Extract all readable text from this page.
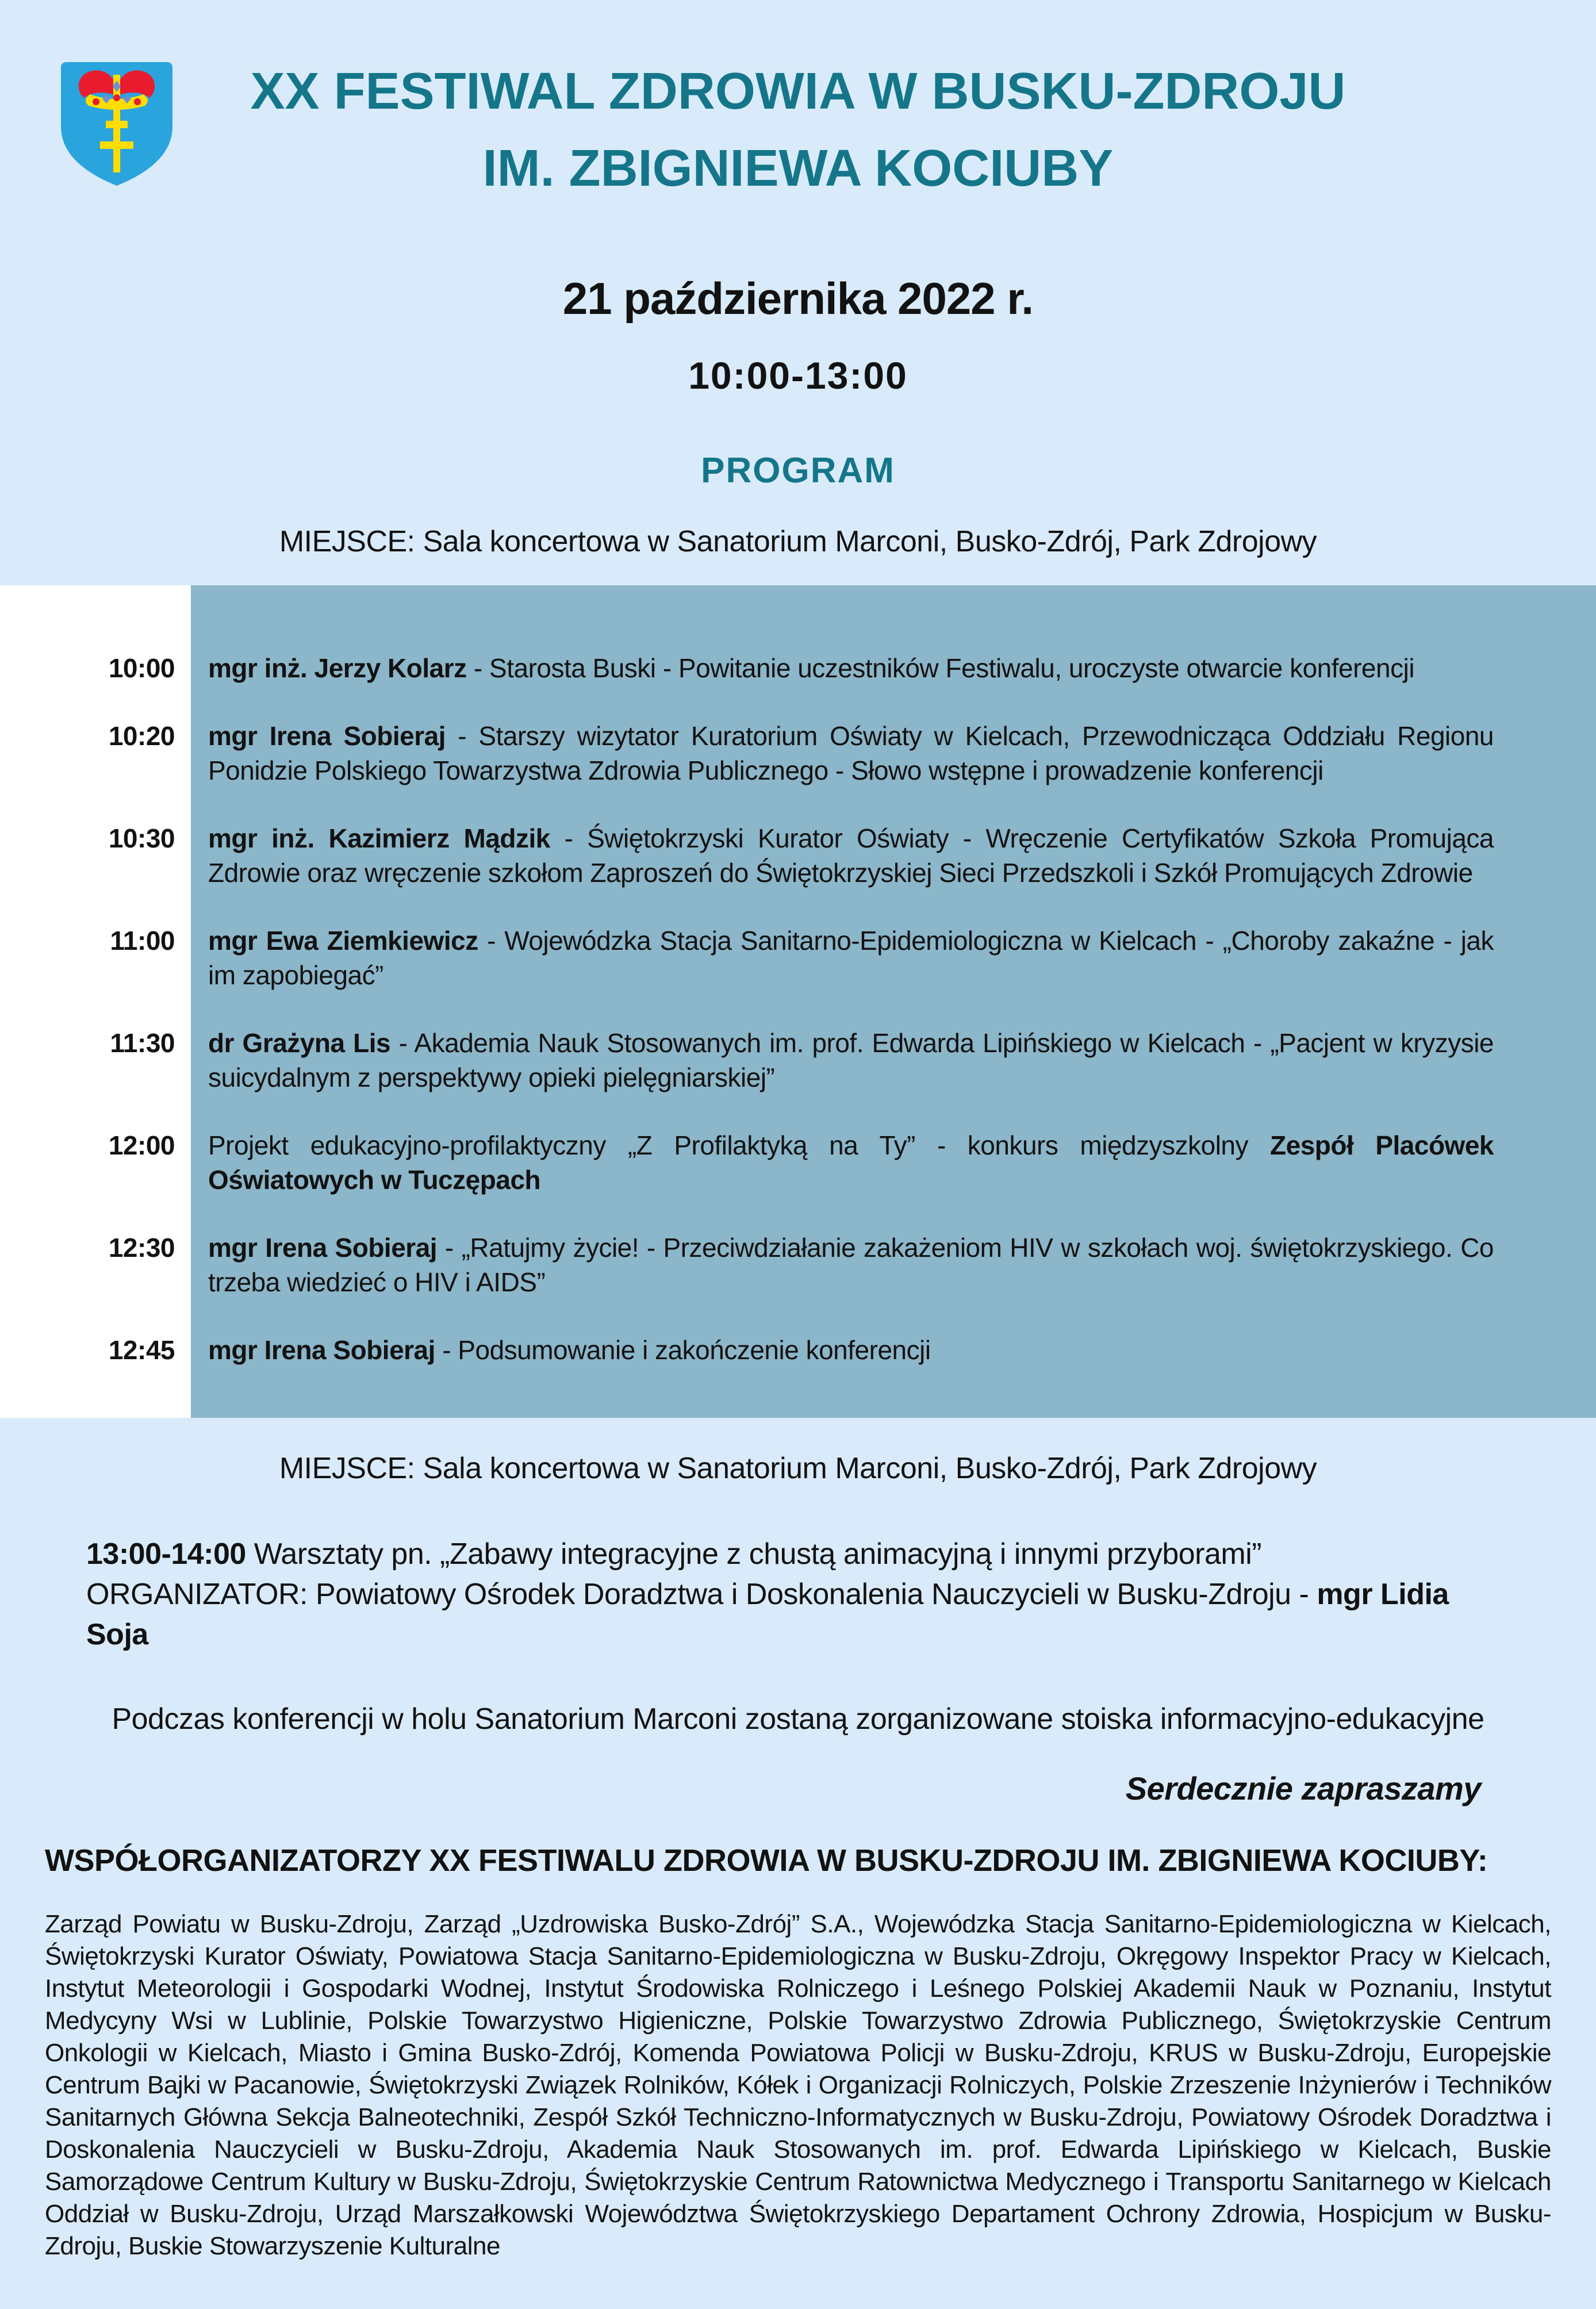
XX FESTIWAL ZDROWIA W BUSKU-ZDROJU
IM. ZBIGNIEWA KOCIUBY
21 października 2022 r.
10:00-13:00
PROGRAM
MIEJSCE: Sala koncertowa w Sanatorium Marconi, Busko-Zdrój, Park Zdrojowy
10:00	mgr inż. Jerzy Kolarz - Starosta Buski - Powitanie uczestników Festiwalu, uroczyste otwarcie konferencji
10:20	mgr Irena Sobieraj - Starszy wizytator Kuratorium Oświaty w Kielcach, Przewodnicząca Oddziału Regionu Ponidzie Polskiego Towarzystwa Zdrowia Publicznego - Słowo wstępne i prowadzenie konferencji
10:30	mgr inż. Kazimierz Mądzik - Świętokrzyski Kurator Oświaty - Wręczenie Certyfikatów Szkoła Promująca Zdrowie oraz wręczenie szkołom Zaproszeń do Świętokrzyskiej Sieci Przedszkoli i Szkół Promujących Zdrowie
11:00	mgr Ewa Ziemkiewicz - Wojewódzka Stacja Sanitarno-Epidemiologiczna w Kielcach - „Choroby zakaźne - jak im zapobiegać”
11:30	dr Grażyna Lis - Akademia Nauk Stosowanych im. prof. Edwarda Lipińskiego w Kielcach - „Pacjent w kryzysie suicydalnym z perspektywy opieki pielęgniarskiej”
12:00	Projekt edukacyjno-profilaktyczny „Z Profilaktyką na Ty” - konkurs międzyszkolny Zespół Placówek Oświatowych w Tuczępach
12:30	mgr Irena Sobieraj - „Ratujmy życie! - Przeciwdziałanie zakażeniom HIV w szkołach woj. świętokrzyskiego. Co trzeba wiedzieć o HIV i AIDS”
12:45	mgr Irena Sobieraj - Podsumowanie i zakończenie konferencji
MIEJSCE: Sala koncertowa w Sanatorium Marconi, Busko-Zdrój, Park Zdrojowy
13:00-14:00 Warsztaty pn. „Zabawy integracyjne z chustą animacyjną i innymi przyborami”
ORGANIZATOR: Powiatowy Ośrodek Doradztwa i Doskonalenia Nauczycieli w Busku-Zdroju - mgr Lidia Soja
Podczas konferencji w holu Sanatorium Marconi zostaną zorganizowane stoiska informacyjno-edukacyjne
Serdecznie zapraszamy
WSPÓŁORGANIZATORZY XX FESTIWALU ZDROWIA W BUSKU-ZDROJU IM. ZBIGNIEWA KOCIUBY:
Zarząd Powiatu w Busku-Zdroju, Zarząd „Uzdrowiska Busko-Zdrój” S.A., Wojewódzka Stacja Sanitarno-Epidemiologiczna w Kielcach, Świętokrzyski Kurator Oświaty, Powiatowa Stacja Sanitarno-Epidemiologiczna w Busku-Zdroju, Okręgowy Inspektor Pracy w Kielcach, Instytut Meteorologii i Gospodarki Wodnej, Instytut Środowiska Rolniczego i Leśnego Polskiej Akademii Nauk w Poznaniu, Instytut Medycyny Wsi w Lublinie, Polskie Towarzystwo Higieniczne, Polskie Towarzystwo Zdrowia Publicznego, Świętokrzyskie Centrum Onkologii w Kielcach, Miasto i Gmina Busko-Zdrój, Komenda Powiatowa Policji w Busku-Zdroju, KRUS w Busku-Zdroju, Europejskie Centrum Bajki w Pacanowie, Świętokrzyski Związek Rolników, Kółek i Organizacji Rolniczych, Polskie Zrzeszenie Inżynierów i Techników Sanitarnych Główna Sekcja Balneotechniki, Zespół Szkół Techniczno-Informatycznych w Busku-Zdroju, Powiatowy Ośrodek Doradztwa i Doskonalenia Nauczycieli w Busku-Zdroju, Akademia Nauk Stosowanych im. prof. Edwarda Lipińskiego w Kielcach, Buskie Samorządowe Centrum Kultury w Busku-Zdroju, Świętokrzyskie Centrum Ratownictwa Medycznego i Transportu Sanitarnego w Kielcach Oddział w Busku-Zdroju, Urząd Marszałkowski Województwa Świętokrzyskiego Departament Ochrony Zdrowia, Hospicjum w Busku-Zdroju, Buskie Stowarzyszenie Kulturalne
